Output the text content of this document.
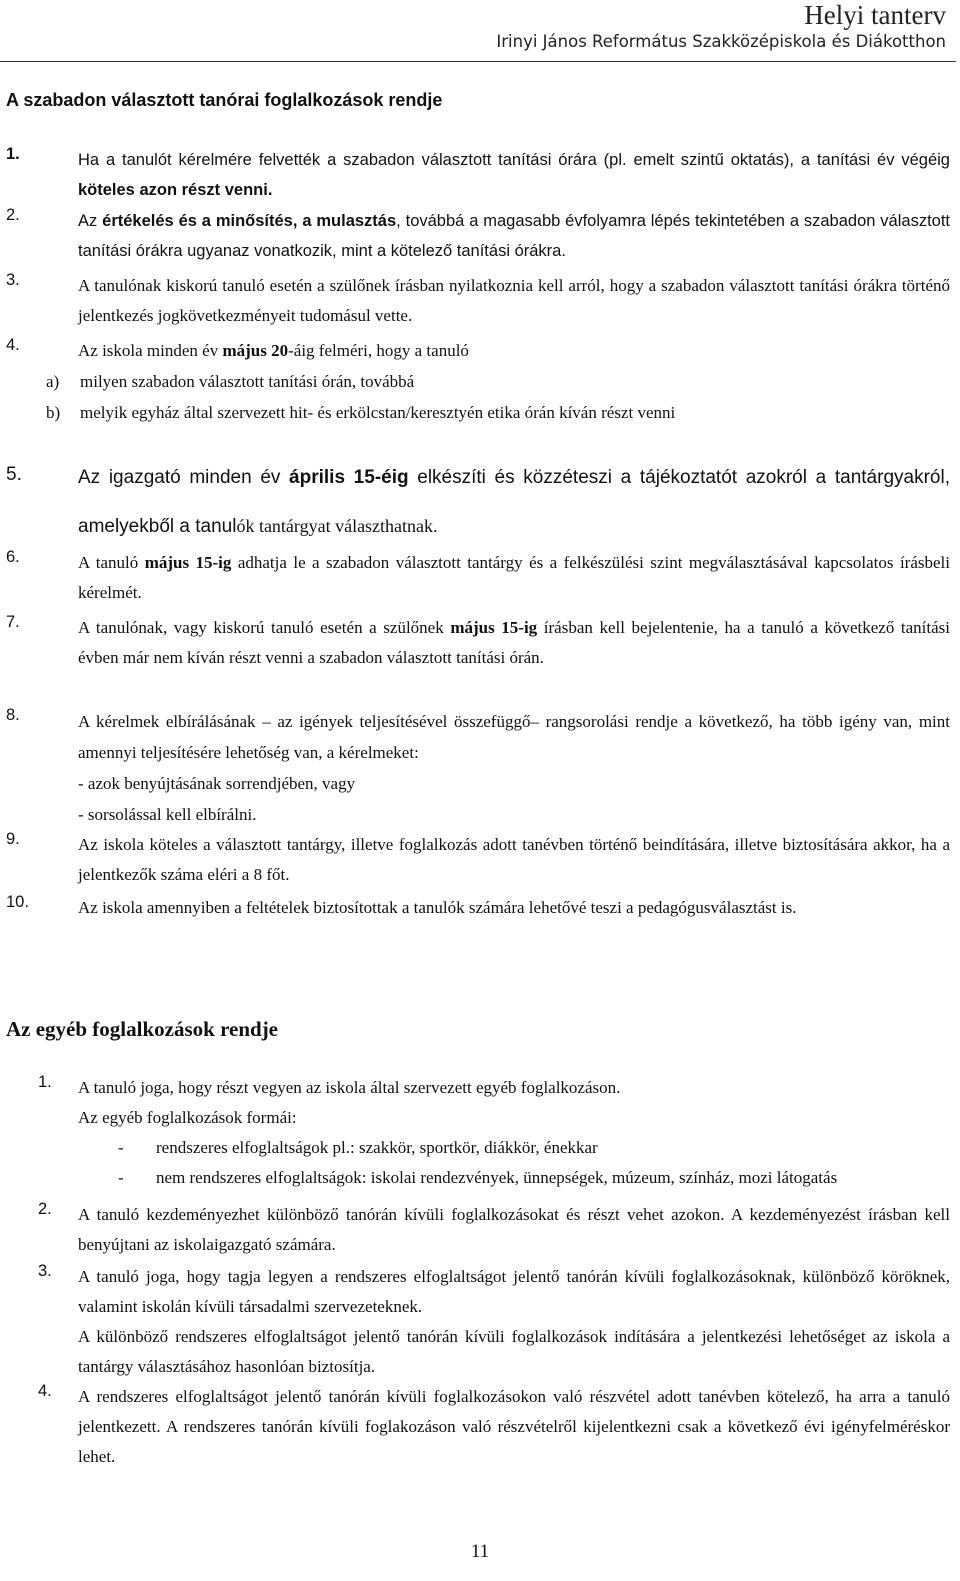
Helyi tanterv
Irinyi János Református Szakközépiskola és Diákotthon
A szabadon választott tanórai foglalkozások rendje
1.	Ha a tanulót kérelmére felvették a szabadon választott tanítási órára (pl. emelt szintű oktatás), a tanítási év végéig köteles azon részt venni.
2.	Az értékelés és a minősítés, a mulasztás, továbbá a magasabb évfolyamra lépés tekintetében a szabadon választott tanítási órákra ugyanaz vonatkozik, mint a kötelező tanítási órákra.
3.	A tanulónak kiskorú tanuló esetén a szülőnek írásban nyilatkoznia kell arról, hogy a szabadon választott tanítási órákra történő jelentkezés jogkövetkezményeit tudomásul vette.
4.	Az iskola minden év május 20-áig felméri, hogy a tanuló
a) milyen szabadon választott tanítási órán, továbbá
b) melyik egyház által szervezett hit- és erkölcstan/keresztyén etika órán kíván részt venni
5.	Az igazgató minden év április 15-éig elkészíti és közzéteszi a tájékoztatót azokról a tantárgyakról, amelyekből a tanulók tantárgyat választhatnak.
6.	A tanuló május 15-ig adhatja le a szabadon választott tantárgy és a felkészülési szint megválasztásával kapcsolatos írásbeli kérelmét.
7.	A tanulónak, vagy kiskorú tanuló esetén a szülőnek május 15-ig írásban kell bejelentenie, ha a tanuló a következő tanítási évben már nem kíván részt venni a szabadon választott tanítási órán.
8.	A kérelmek elbírálásának – az igények teljesítésével összefüggő– rangsorolási rendje a következő, ha több igény van, mint amennyi teljesítésére lehetőség van, a kérelmeket:
- azok benyújtásának sorrendjében, vagy
- sorsolással kell elbírálni.
9.	Az iskola köteles a választott tantárgy, illetve foglalkozás adott tanévben történő beindítására, illetve biztosítására akkor, ha a jelentkezők száma eléri a 8 főt.
10.	Az iskola amennyiben a feltételek biztosítottak a tanulók számára lehetővé teszi a pedagógusválasztást is.
Az egyéb foglalkozások rendje
1. A tanuló joga, hogy részt vegyen az iskola által szervezett egyéb foglalkozáson.
Az egyéb foglalkozások formái:
- rendszeres elfoglaltságok pl.: szakkör, sportkör, diákkör, énekkar
- nem rendszeres elfoglaltságok: iskolai rendezvények, ünnepségek, múzeum, színház, mozi látogatás
2. A tanuló kezdeményezhet különböző tanórán kívüli foglalkozásokat és részt vehet azokon. A kezdeményezést írásban kell benyújtani az iskolaigazgató számára.
3. A tanuló joga, hogy tagja legyen a rendszeres elfoglaltságot jelentő tanórán kívüli foglalkozásoknak, különböző köröknek, valamint iskolán kívüli társadalmi szervezeteknek.
A különböző rendszeres elfoglaltságot jelentő tanórán kívüli foglalkozások indítására a jelentkezési lehetőséget az iskola a tantárgy választásához hasonlóan biztosítja.
4. A rendszeres elfoglaltságot jelentő tanórán kívüli foglalkozásokon való részvétel adott tanévben kötelező, ha arra a tanuló jelentkezett. A rendszeres tanórán kívüli foglakozáson való részvételről kijelentkezni csak a következő évi igényfelméréskor lehet.
11
